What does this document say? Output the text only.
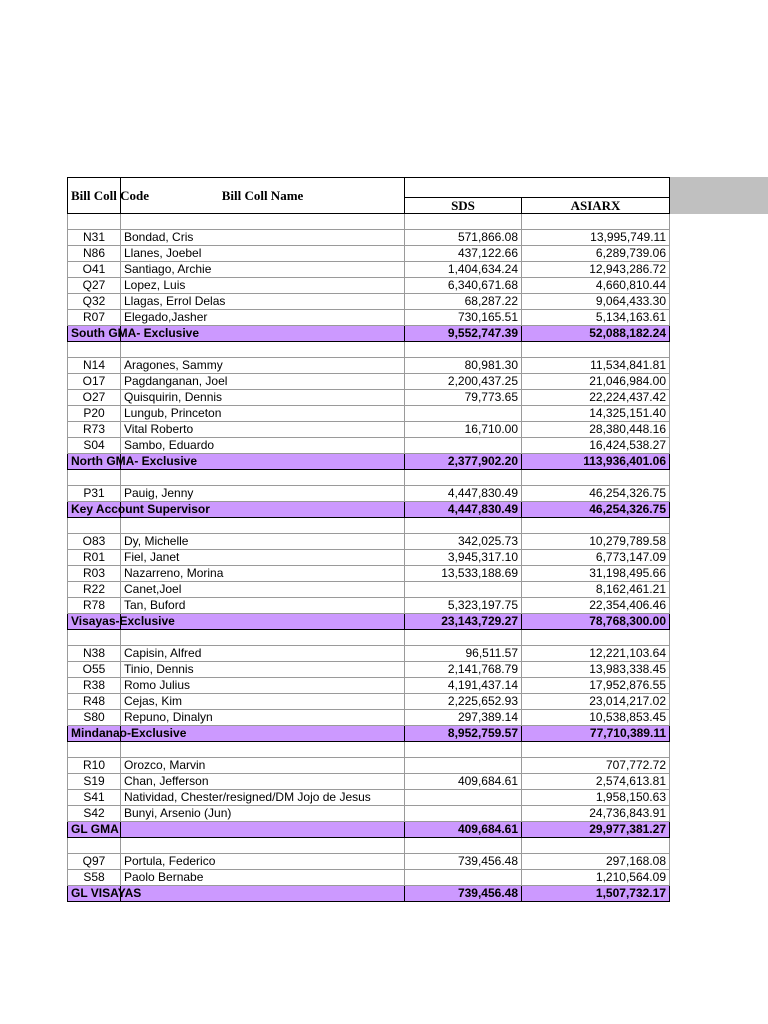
Bill Coll Code	Bill Coll Name		
		SDS	ASIARX

N31	Bondad, Cris	571,866.08	13,995,749.11
N86	Llanes, Joebel	437,122.66	6,289,739.06
O41	Santiago, Archie	1,404,634.24	12,943,286.72
Q27	Lopez, Luis	6,340,671.68	4,660,810.44
Q32	Llagas, Errol Delas	68,287.22	9,064,433.30
R07	Elegado,Jasher	730,165.51	5,134,163.61
South GMA- Exclusive		9,552,747.39	52,088,182.24

N14	Aragones, Sammy	80,981.30	11,534,841.81
O17	Pagdanganan, Joel	2,200,437.25	21,046,984.00
O27	Quisquirin, Dennis	79,773.65	22,224,437.42
P20	Lungub, Princeton		14,325,151.40
R73	Vital Roberto	16,710.00	28,380,448.16
S04	Sambo, Eduardo		16,424,538.27
North GMA- Exclusive		2,377,902.20	113,936,401.06

P31	Pauig, Jenny	4,447,830.49	46,254,326.75
Key Account Supervisor		4,447,830.49	46,254,326.75

O83	Dy, Michelle	342,025.73	10,279,789.58
R01	Fiel, Janet	3,945,317.10	6,773,147.09
R03	Nazarreno, Morina	13,533,188.69	31,198,495.66
R22	Canet,Joel		8,162,461.21
R78	Tan, Buford	5,323,197.75	22,354,406.46
Visayas-Exclusive		23,143,729.27	78,768,300.00

N38	Capisin, Alfred	96,511.57	12,221,103.64
O55	Tinio, Dennis	2,141,768.79	13,983,338.45
R38	Romo Julius	4,191,437.14	17,952,876.55
R48	Cejas, Kim	2,225,652.93	23,014,217.02
S80	Repuno, Dinalyn	297,389.14	10,538,853.45
Mindanao-Exclusive		8,952,759.57	77,710,389.11

R10	Orozco, Marvin		707,772.72
S19	Chan, Jefferson	409,684.61	2,574,613.81
S41	Natividad, Chester/resigned/DM Jojo de Jesus		1,958,150.63
S42	Bunyi, Arsenio (Jun)		24,736,843.91
GL GMA		409,684.61	29,977,381.27

Q97	Portula, Federico	739,456.48	297,168.08
S58	Paolo Bernabe		1,210,564.09
GL VISAYAS		739,456.48	1,507,732.17
